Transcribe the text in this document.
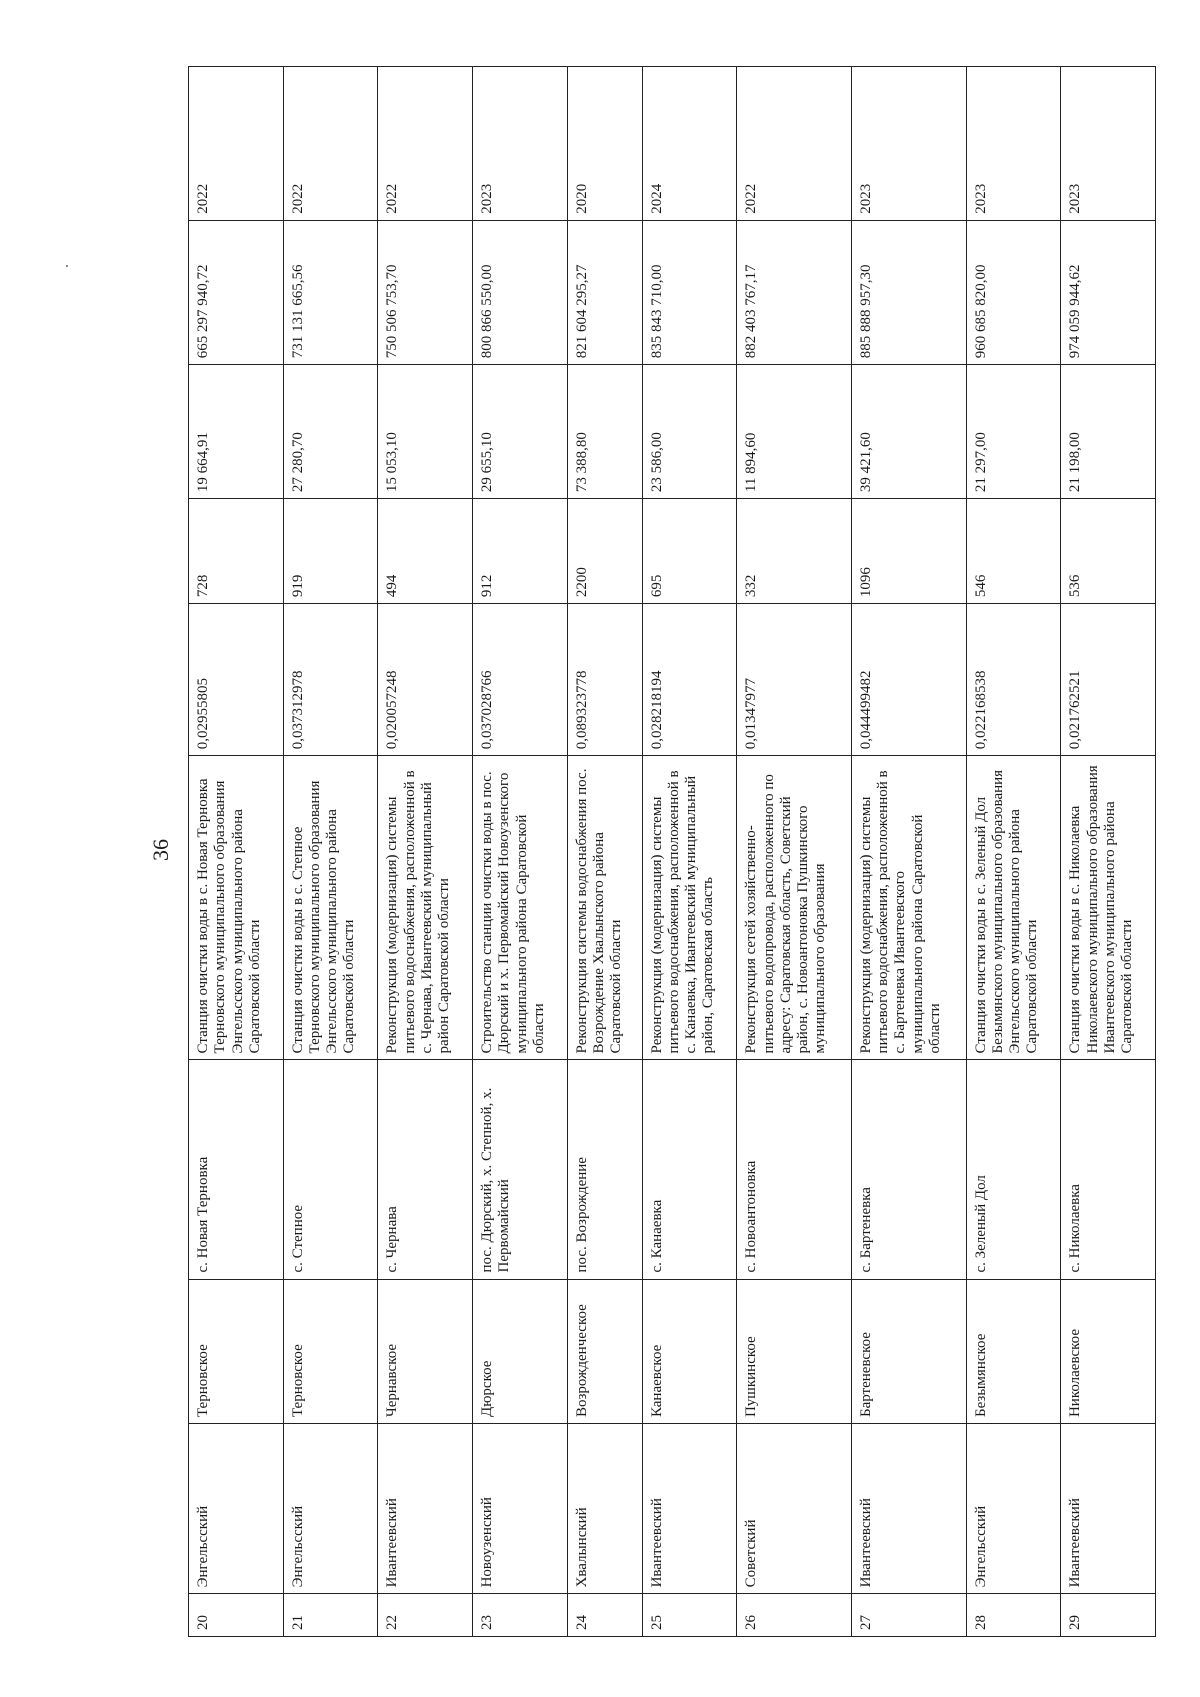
36
20	Энгельсский	Терновское	с. Новая Терновка	Станция очистки воды в с. Новая Терновка Терновского муниципального образования Энгельсского муниципального района Саратовской области	0,02955805	728	19 664,91	665 297 940,72	2022
21	Энгельсский	Терновское	с. Степное	Станция очистки воды в с. Степное Терновского муниципального образования Энгельсского муниципального района Саратовской области	0,037312978	919	27 280,70	731 131 665,56	2022
22	Ивантеевский	Чернавское	с. Чернава	Реконструкция (модернизация) системы питьевого водоснабжения, расположенной в с. Чернава, Ивантеевский муниципальный район Саратовской области	0,020057248	494	15 053,10	750 506 753,70	2022
23	Новоузенский	Дюрское	пос. Дюрский, х. Степной, х. Первомайский	Строительство станции очистки воды в пос. Дюрский и х. Первомайский Новоузенского муниципального района Саратовской области	0,037028766	912	29 655,10	800 866 550,00	2023
24	Хвалынский	Возрожденческое	пос. Возрождение	Реконструкция системы водоснабжения пос. Возрождение Хвалынского района Саратовской области	0,089323778	2200	73 388,80	821 604 295,27	2020
25	Ивантеевский	Канаевское	с. Канаевка	Реконструкция (модернизация) системы питьевого водоснабжения, расположенной в с. Канаевка, Ивантеевский муниципальный район, Саратовская область	0,028218194	695	23 586,00	835 843 710,00	2024
26	Советский	Пушкинское	с. Новоантоновка	Реконструкция сетей хозяйственно-питьевого водопровода, расположенного по адресу: Саратовская область, Советский район, с. Новоантоновка Пушкинского муниципального образования	0,01347977	332	11 894,60	882 403 767,17	2022
27	Ивантеевский	Бартеневское	с. Бартеневка	Реконструкция (модернизация) системы питьевого водоснабжения, расположенной в с. Бартеневка Ивантеевского муниципального района Саратовской области	0,044499482	1096	39 421,60	885 888 957,30	2023
28	Энгельсский	Безымянское	с. Зеленый Дол	Станция очистки воды в с. Зеленый Дол Безымянского муниципального образования Энгельсского муниципального района Саратовской области	0,022168538	546	21 297,00	960 685 820,00	2023
29	Ивантеевский	Николаевское	с. Николаевка	Станция очистки воды в с. Николаевка Николаевского муниципального образования Ивантеевского муниципального района Саратовской области	0,021762521	536	21 198,00	974 059 944,62	2023
